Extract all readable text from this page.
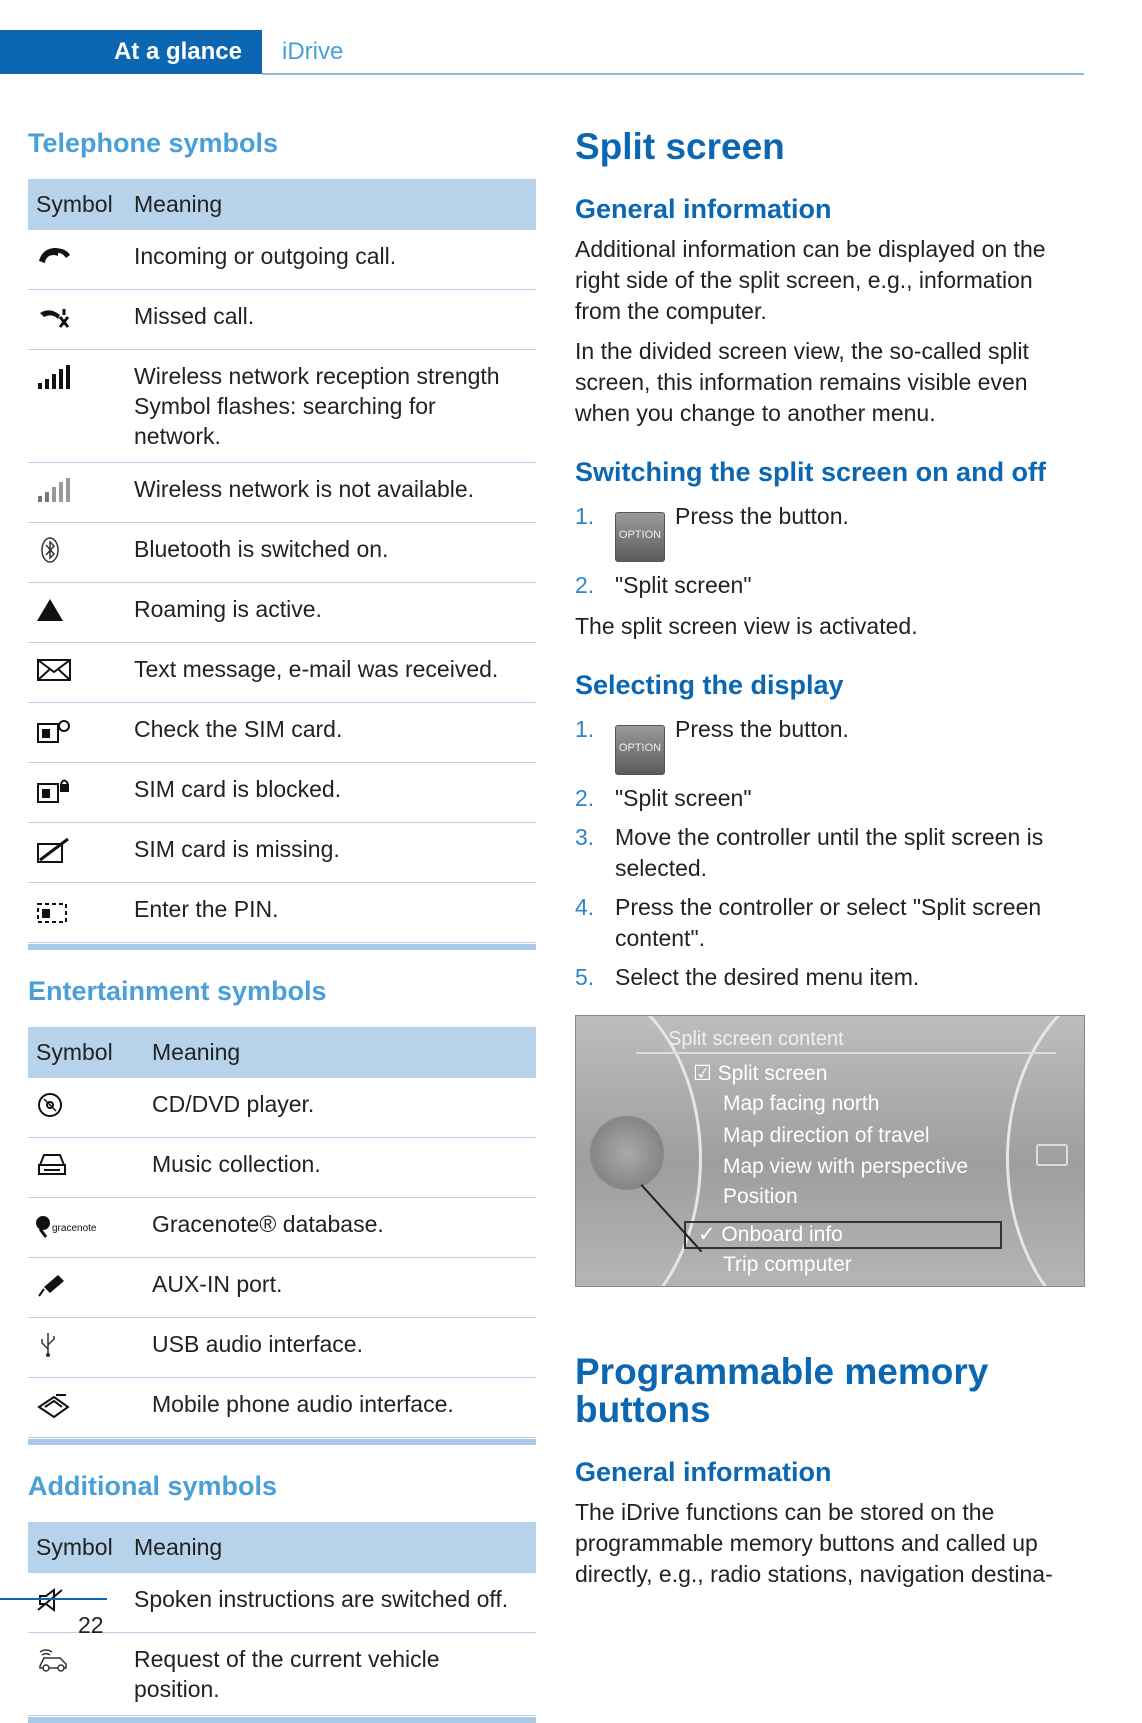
At a glance iDrive
Telephone symbols
Symbol	Meaning
	Incoming or outgoing call.
	Missed call.
	Wireless network reception strength Symbol flashes: searching for network.
	Wireless network is not available.
	Bluetooth is switched on.
	Roaming is active.
	Text message, e-mail was received.
	Check the SIM card.
	SIM card is blocked.
	SIM card is missing.
	Enter the PIN.
Entertainment symbols
Symbol	Meaning
	CD/DVD player.
	Music collection.

gracenote	Gracenote® database.
	AUX-IN port.
	USB audio interface.
	Mobile phone audio interface.
Additional symbols
Symbol	Meaning
	Spoken instructions are switched off.
	Request of the current vehicle position.
Split screen
General information

Additional information can be displayed on the right side of the split screen, e.g., information from the computer.

In the divided screen view, the so-called split screen, this information remains visible even when you change to another menu.

Switching the split screen on and off
1.
OPTIONPress the button.
2. "Split screen"

The split screen view is activated.

Selecting the display
1.
OPTIONPress the button.
2. "Split screen"
3. Move the controller until the split screen is selected.
4. Press the controller or select "Split screen content".
5. Select the desired menu item.
Split screen content
☑ Split screen
Map facing north
Map direction of travel
Map view with perspective
Position
✓ Onboard info
Trip computer
Programmable memory buttons
General information

The iDrive functions can be stored on the programmable memory buttons and called up directly, e.g., radio stations, navigation destina-

22
